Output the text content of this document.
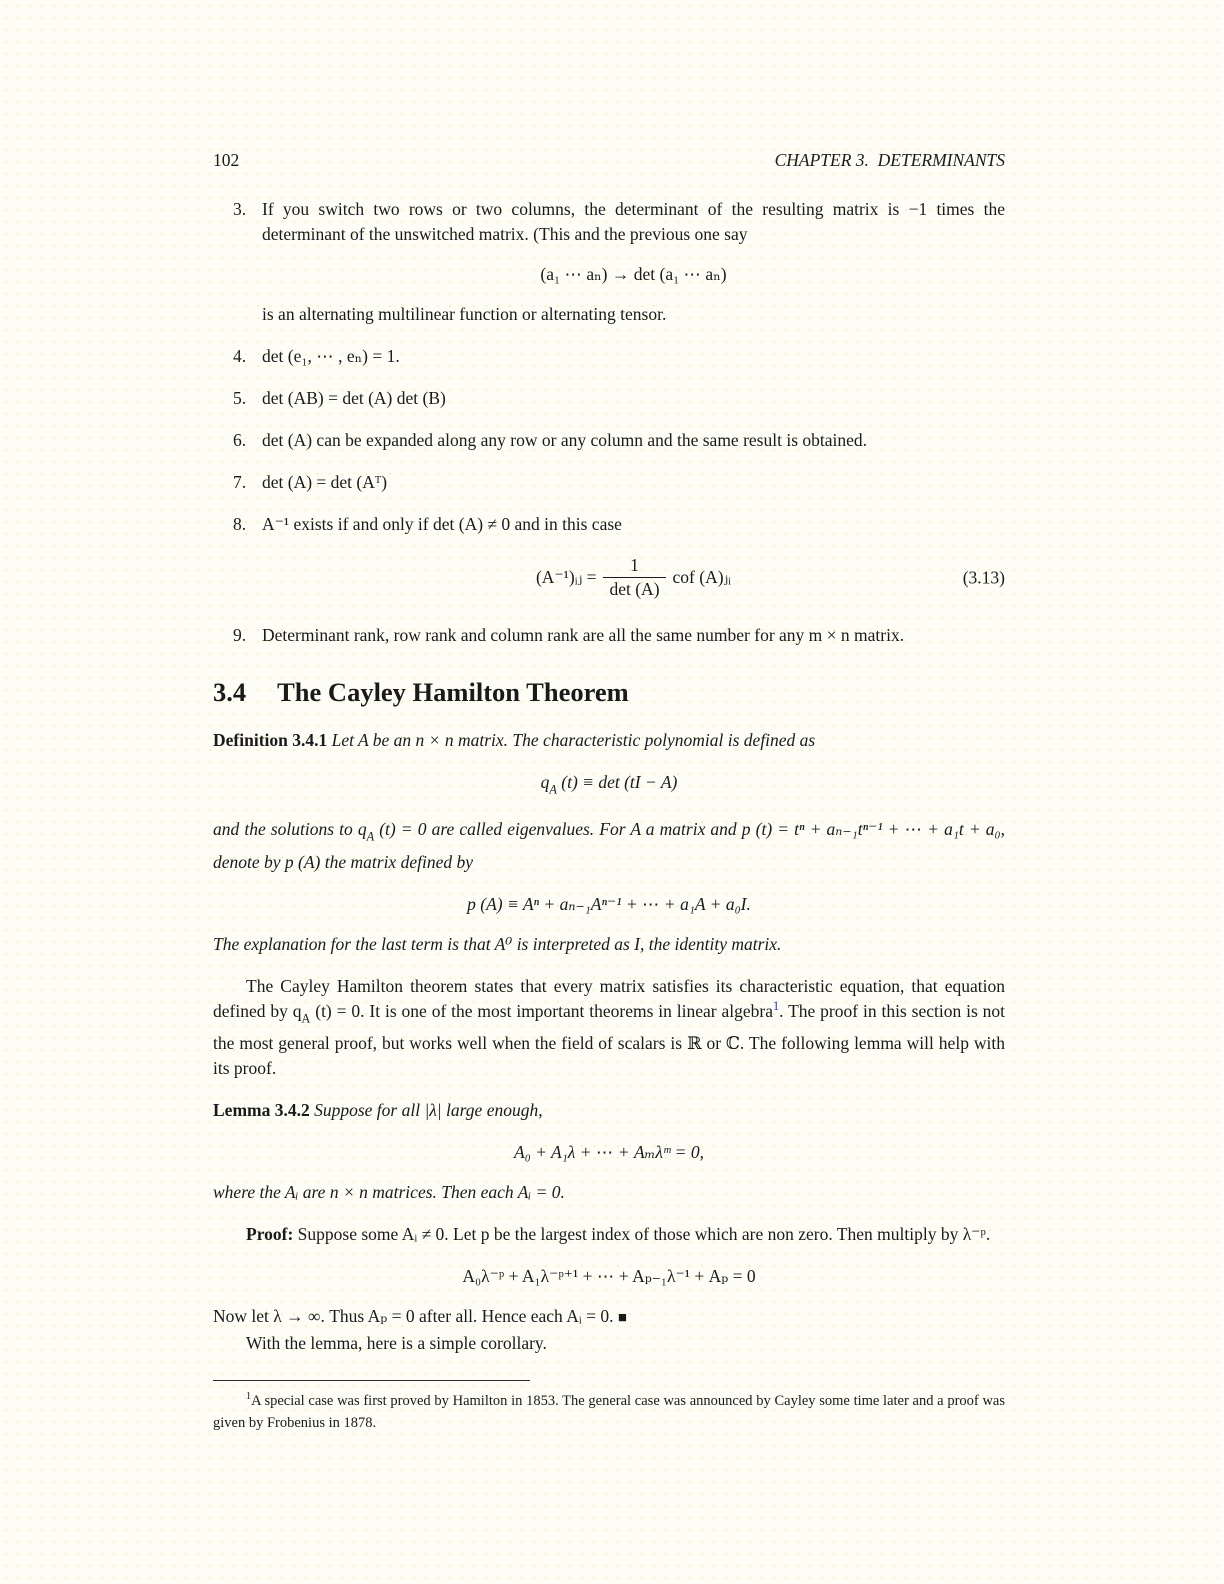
102	CHAPTER 3.  DETERMINANTS
3. If you switch two rows or two columns, the determinant of the resulting matrix is −1 times the determinant of the unswitched matrix. (This and the previous one say
(a₁ ⋯ aₙ) → det (a₁ ⋯ aₙ)
is an alternating multilinear function or alternating tensor.
4. det (e₁, ⋯ , eₙ) = 1.
5. det (AB) = det (A) det (B)
6. det (A) can be expanded along any row or any column and the same result is obtained.
7. det (A) = det (Aᵀ)
8. A⁻¹ exists if and only if det (A) ≠ 0 and in this case
(A⁻¹)ᵢⱼ = $\frac{1}{\det (A)}$ cof (A)ⱼᵢ	(3.13)
9. Determinant rank, row rank and column rank are all the same number for any m × n matrix.
3.4 The Cayley Hamilton Theorem

Definition 3.4.1 Let A be an n × n matrix. The characteristic polynomial is defined as

$q_A$ (t) ≡ det (tI − A)

and the solutions to $q_A$ (t) = 0 are called eigenvalues. For A a matrix and p (t) = tⁿ + aₙ₋₁tⁿ⁻¹ + ⋯ + a₁t + a₀, denote by p (A) the matrix defined by

p (A) ≡ Aⁿ + aₙ₋₁Aⁿ⁻¹ + ⋯ + a₁A + a₀I.

The explanation for the last term is that A⁰ is interpreted as I, the identity matrix.

The Cayley Hamilton theorem states that every matrix satisfies its characteristic equation, that equation defined by $q_A$ (t) = 0. It is one of the most important theorems in linear algebra$^1$. The proof in this section is not the most general proof, but works well when the field of scalars is ℝ or ℂ. The following lemma will help with its proof.

Lemma 3.4.2 Suppose for all |λ| large enough,

A₀ + A₁λ + ⋯ + Aₘλᵐ = 0,

where the Aᵢ are n × n matrices. Then each Aᵢ = 0.

Proof: Suppose some Aᵢ ≠ 0. Let p be the largest index of those which are non zero. Then multiply by λ⁻ᵖ.

A₀λ⁻ᵖ + A₁λ⁻ᵖ⁺¹ + ⋯ + Aₚ₋₁λ⁻¹ + Aₚ = 0

Now let λ → ∞. Thus Aₚ = 0 after all. Hence each Aᵢ = 0. ■

With the lemma, here is a simple corollary.

$^1$A special case was first proved by Hamilton in 1853. The general case was announced by Cayley some time later and a proof was given by Frobenius in 1878.
